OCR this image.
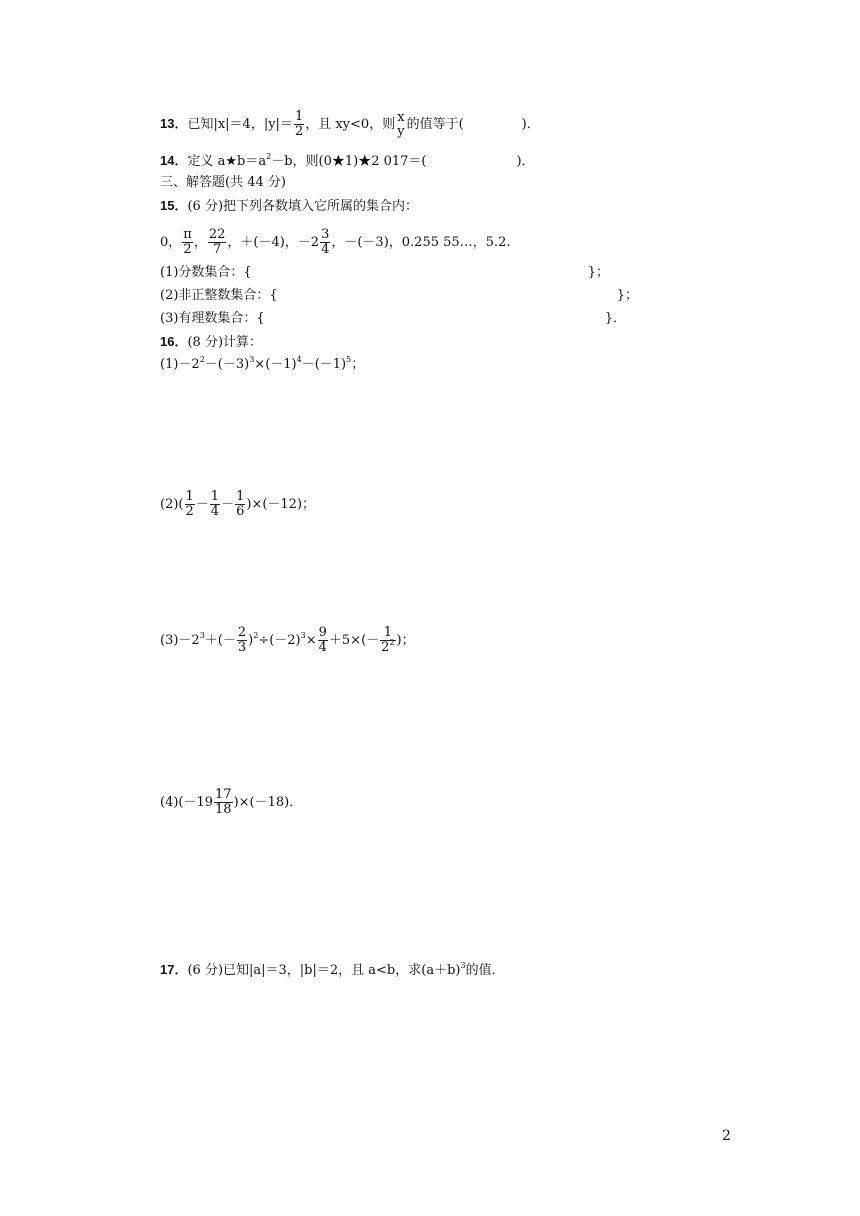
13．已知|x|＝4，$|y|= \frac{1}{2}$ ，且 xy<0，则 x
y 的值等于(	)．
14．定义 $a★b=a^2-b$，则(0★1)★2 017＝(	)．
三、解答题(共 44 分)
15．(6 分)把下列各数填入它所属的集合内：
0， $\frac{\pi}{2}$ ， $\frac{22}{7}$ ，＋(－4)，$-2 \frac{3}{4}$ ，－(－3)，0.255 55…，5.2.
(1)分数集合：{	}；
(2)非正整数集合：{	}；
(3)有理数集合：{	}．
16．(8 分)计算：
$(1)-2^2-(-3)^3\times(-1)^4-(-1)^5$；
$(2)( \frac{1}{2} - \frac{1}{4} - \frac{1}{6} )\times(-12)$；
$(3)-2^3+(- \frac{2}{3} )^2\div(-2)^3\times \frac{9}{4} +5\times(- \frac{1}{2^2}$ )；
$(4)(-19 \frac{17}{18} )\times(-18)$．
17．(6 分)已知|a|＝3，|b|＝2，且 a<b，求$(a+b)^3$的值．
2
